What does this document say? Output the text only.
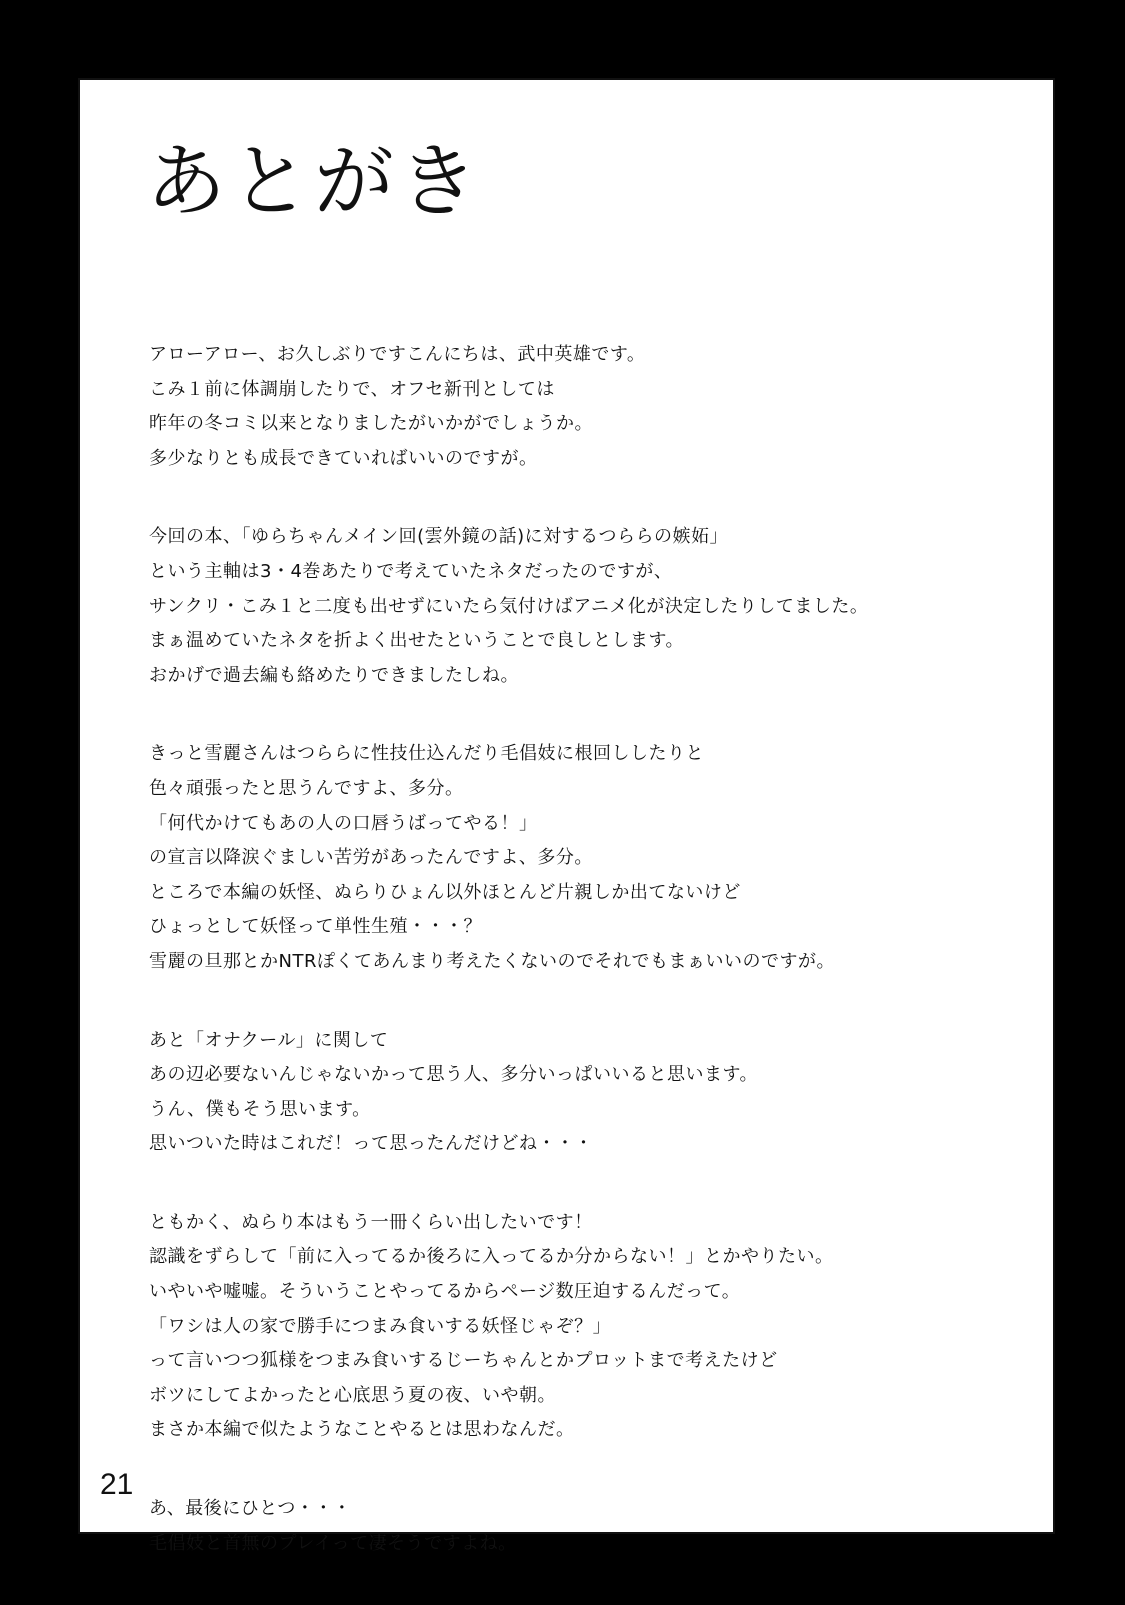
あとがき
アローアロー、お久しぶりですこんにちは、武中英雄です。
こみ１前に体調崩したりで、オフセ新刊としては
昨年の冬コミ以来となりましたがいかがでしょうか。
多少なりとも成長できていればいいのですが。
今回の本、「ゆらちゃんメイン回(雲外鏡の話)に対するつららの嫉妬」
という主軸は3・4巻あたりで考えていたネタだったのですが、
サンクリ・こみ１と二度も出せずにいたら気付けばアニメ化が決定したりしてました。
まぁ温めていたネタを折よく出せたということで良しとします。
おかげで過去編も絡めたりできましたしね。
きっと雪麗さんはつららに性技仕込んだり毛倡妓に根回ししたりと
色々頑張ったと思うんですよ、多分。
「何代かけてもあの人の口唇うばってやる！」
の宣言以降涙ぐましい苦労があったんですよ、多分。
ところで本編の妖怪、ぬらりひょん以外ほとんど片親しか出てないけど
ひょっとして妖怪って単性生殖・・・？
雪麗の旦那とかNTRぽくてあんまり考えたくないのでそれでもまぁいいのですが。
あと「オナクール」に関して
あの辺必要ないんじゃないかって思う人、多分いっぱいいると思います。
うん、僕もそう思います。
思いついた時はこれだ！って思ったんだけどね・・・
ともかく、ぬらり本はもう一冊くらい出したいです！
認識をずらして「前に入ってるか後ろに入ってるか分からない！」とかやりたい。
いやいや嘘嘘。そういうことやってるからページ数圧迫するんだって。
「ワシは人の家で勝手につまみ食いする妖怪じゃぞ？」
って言いつつ狐様をつまみ食いするじーちゃんとかプロットまで考えたけど
ボツにしてよかったと心底思う夏の夜、いや朝。
まさか本編で似たようなことやるとは思わなんだ。
あ、最後にひとつ・・・
毛倡妓と首無のプレイって凄そうですよね。
21
